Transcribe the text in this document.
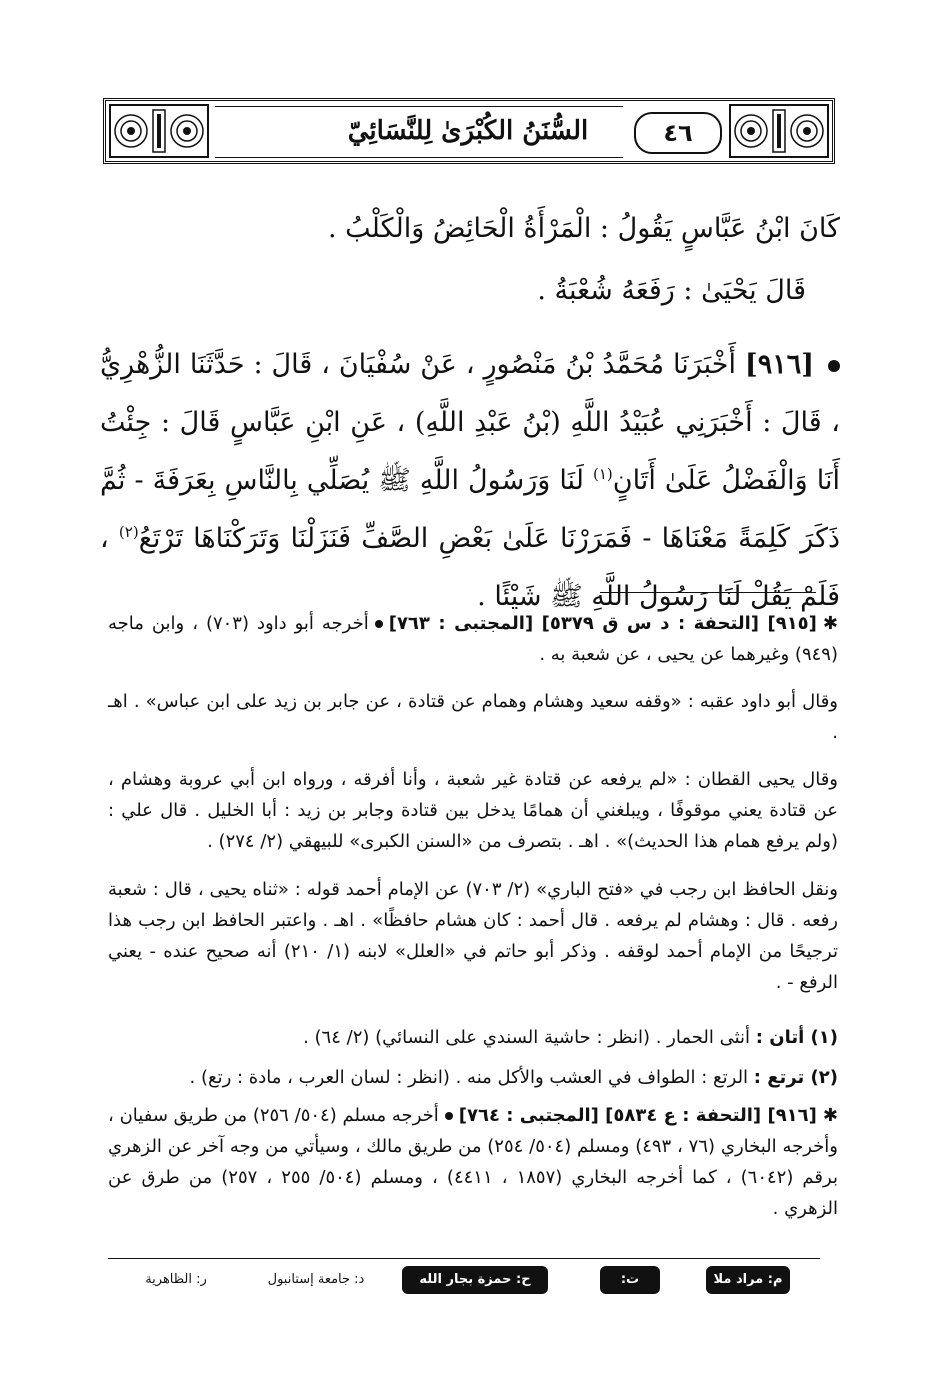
السُّنَنُ الكُبْرَىٰ لِلنَّسَائِيّ	٤٦
كَانَ ابْنُ عَبَّاسٍ يَقُولُ : الْمَرْأَةُ الْحَائِضُ وَالْكَلْبُ .
قَالَ يَحْيَىٰ : رَفَعَهُ شُعْبَةُ .
[٩١٦] أَخْبَرَنَا مُحَمَّدُ بْنُ مَنْصُورٍ ، عَنْ سُفْيَانَ ، قَالَ : حَدَّثَنَا الزُّهْرِيُّ ، قَالَ : أَخْبَرَنِي عُبَيْدُ اللَّهِ (بْنُ عَبْدِ اللَّهِ) ، عَنِ ابْنِ عَبَّاسٍ قَالَ : جِئْتُ أَنَا وَالْفَضْلُ عَلَىٰ أَتَانٍ$^{(١)}$ لَنَا وَرَسُولُ اللَّهِ ﷺ يُصَلِّي بِالنَّاسِ بِعَرَفَةَ - ثُمَّ ذَكَرَ كَلِمَةً مَعْنَاهَا - فَمَرَرْنَا عَلَىٰ بَعْضِ الصَّفِّ فَنَزَلْنَا وَتَرَكْنَاهَا تَرْتَعُ$^{(٢)}$ ، فَلَمْ يَقُلْ لَنَا رَسُولُ اللَّهِ ﷺ شَيْئًا .
✱[٩١٥] [التحفة : د س ق ٥٣٧٩] [المجتبى : ٧٦٣]أخرجه أبو داود (٧٠٣) ، وابن ماجه (٩٤٩) وغيرهما عن يحيى ، عن شعبة به .
وقال أبو داود عقبه : «وقفه سعيد وهشام وهمام عن قتادة ، عن جابر بن زيد على ابن عباس» . اهـ .
وقال يحيى القطان : «لم يرفعه عن قتادة غير شعبة ، وأنا أفرقه ، ورواه ابن أبي عروبة وهشام ، عن قتادة يعني موقوفًا ، ويبلغني أن همامًا يدخل بين قتادة وجابر بن زيد : أبا الخليل . قال علي : (ولم يرفع همام هذا الحديث)» . اهـ . بتصرف من «السنن الكبرى» للبيهقي (٢/ ٢٧٤) .
ونقل الحافظ ابن رجب في «فتح الباري» (٢/ ٧٠٣) عن الإمام أحمد قوله : «ثناه يحيى ، قال : شعبة رفعه . قال : وهشام لم يرفعه . قال أحمد : كان هشام حافظًا» . اهـ . واعتبر الحافظ ابن رجب هذا ترجيحًا من الإمام أحمد لوقفه . وذكر أبو حاتم في «العلل» لابنه (١/ ٢١٠) أنه صحيح عنده - يعني الرفع - .
(١) أتان : أنثى الحمار . (انظر : حاشية السندي على النسائي) (٢/ ٦٤) .
(٢) ترتع : الرتع : الطواف في العشب والأكل منه . (انظر : لسان العرب ، مادة : رتع) .
✱[٩١٦] [التحفة : ع ٥٨٣٤] [المجتبى : ٧٦٤]أخرجه مسلم (٥٠٤/ ٢٥٦) من طريق سفيان ، وأخرجه البخاري (٧٦ ، ٤٩٣) ومسلم (٥٠٤/ ٢٥٤) من طريق مالك ، وسيأتي من وجه آخر عن الزهري برقم (٦٠٤٢) ، كما أخرجه البخاري (١٨٥٧ ، ٤٤١١) ، ومسلم (٥٠٤/ ٢٥٥ ، ٢٥٧) من طرق عن الزهري .
م: مراد ملا
ت: تطوان
ح: حمزة بجار الله
د: جامعة إستانبول
ر: الظاهرية
